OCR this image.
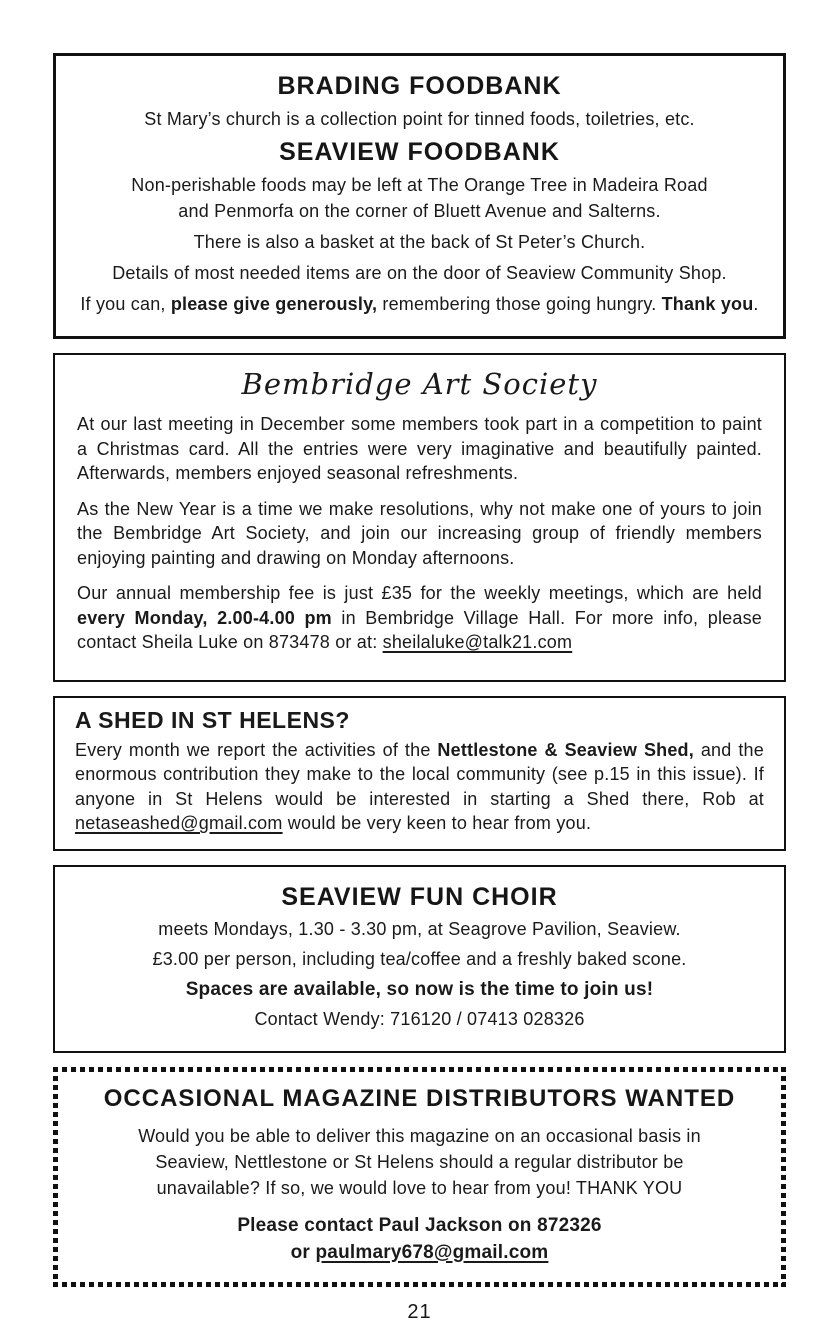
BRADING FOODBANK

St Mary’s church is a collection point for tinned foods, toiletries, etc.

SEAVIEW FOODBANK

Non-perishable foods may be left at The Orange Tree in Madeira Road
and Penmorfa on the corner of Bluett Avenue and Salterns.

There is also a basket at the back of St Peter’s Church.

Details of most needed items are on the door of Seaview Community Shop.

If you can, please give generously, remembering those going hungry. Thank you.

Bembridge Art Society

At our last meeting in December some members took part in a competition to paint a Christmas card. All the entries were very imaginative and beautifully painted. Afterwards, members enjoyed seasonal refreshments.

As the New Year is a time we make resolutions, why not make one of yours to join the Bembridge Art Society, and join our increasing group of friendly members enjoying painting and drawing on Monday afternoons.

Our annual membership fee is just £35 for the weekly meetings, which are held every Monday, 2.00-4.00 pm in Bembridge Village Hall. For more info, please contact Sheila Luke on 873478 or at: sheilaluke@talk21.com

A SHED IN ST HELENS?

Every month we report the activities of the Nettlestone & Seaview Shed, and the enormous contribution they make to the local community (see p.15 in this issue). If anyone in St Helens would be interested in starting a Shed there, Rob at netaseashed@gmail.com would be very keen to hear from you.

SEAVIEW FUN CHOIR

meets Mondays, 1.30 - 3.30 pm, at Seagrove Pavilion, Seaview.

£3.00 per person, including tea/coffee and a freshly baked scone.

Spaces are available, so now is the time to join us!

Contact Wendy: 716120 / 07413 028326

OCCASIONAL MAGAZINE DISTRIBUTORS WANTED

Would you be able to deliver this magazine on an occasional basis in
Seaview, Nettlestone or St Helens should a regular distributor be
unavailable? If so, we would love to hear from you! THANK YOU

Please contact Paul Jackson on 872326

or paulmary678@gmail.com

21
